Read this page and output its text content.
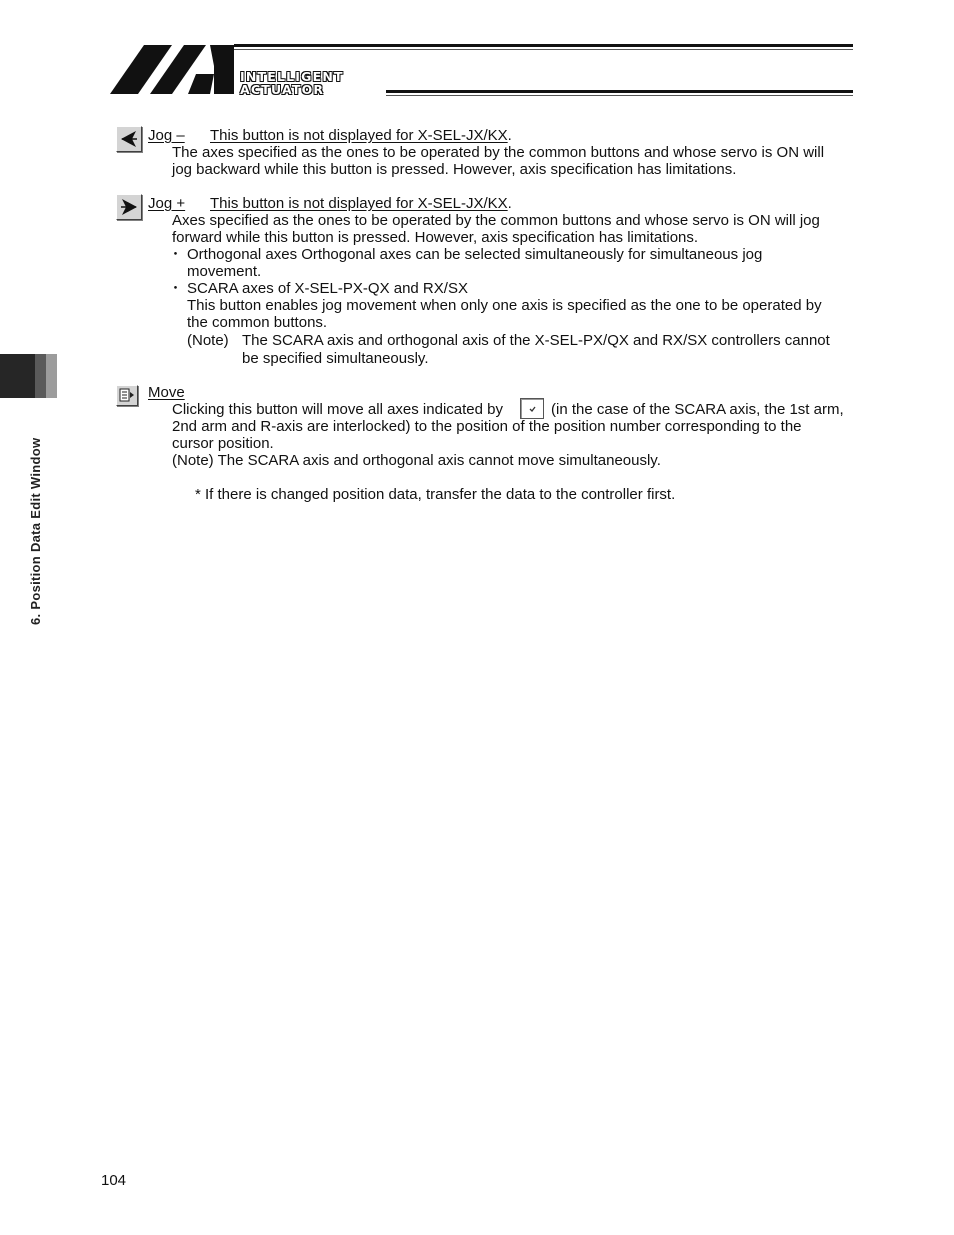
INTELLIGENT
ACTUATOR
6. Position Data Edit Window
Jog – This button is not displayed for X-SEL-JX/KX.
The axes specified as the ones to be operated by the common buttons and whose servo is ON will
jog backward while this button is pressed. However, axis specification has limitations.
Jog + This button is not displayed for X-SEL-JX/KX.
Axes specified as the ones to be operated by the common buttons and whose servo is ON will jog
forward while this button is pressed. However, axis specification has limitations.
・ Orthogonal axes Orthogonal axes can be selected simultaneously for simultaneous jog
movement.
・ SCARA axes of X-SEL-PX-QX and RX/SX
This button enables jog movement when only one axis is specified as the one to be operated by
the common buttons.
(Note) The SCARA axis and orthogonal axis of the X-SEL-PX/QX and RX/SX controllers cannot
be specified simultaneously.
Move
Clicking this button will move all axes indicated by	(in the case of the SCARA axis, the 1st arm,
2nd arm and R-axis are interlocked) to the position of the position number corresponding to the
cursor position.
(Note) The SCARA axis and orthogonal axis cannot move simultaneously.
* If there is changed position data, transfer the data to the controller first.
104
